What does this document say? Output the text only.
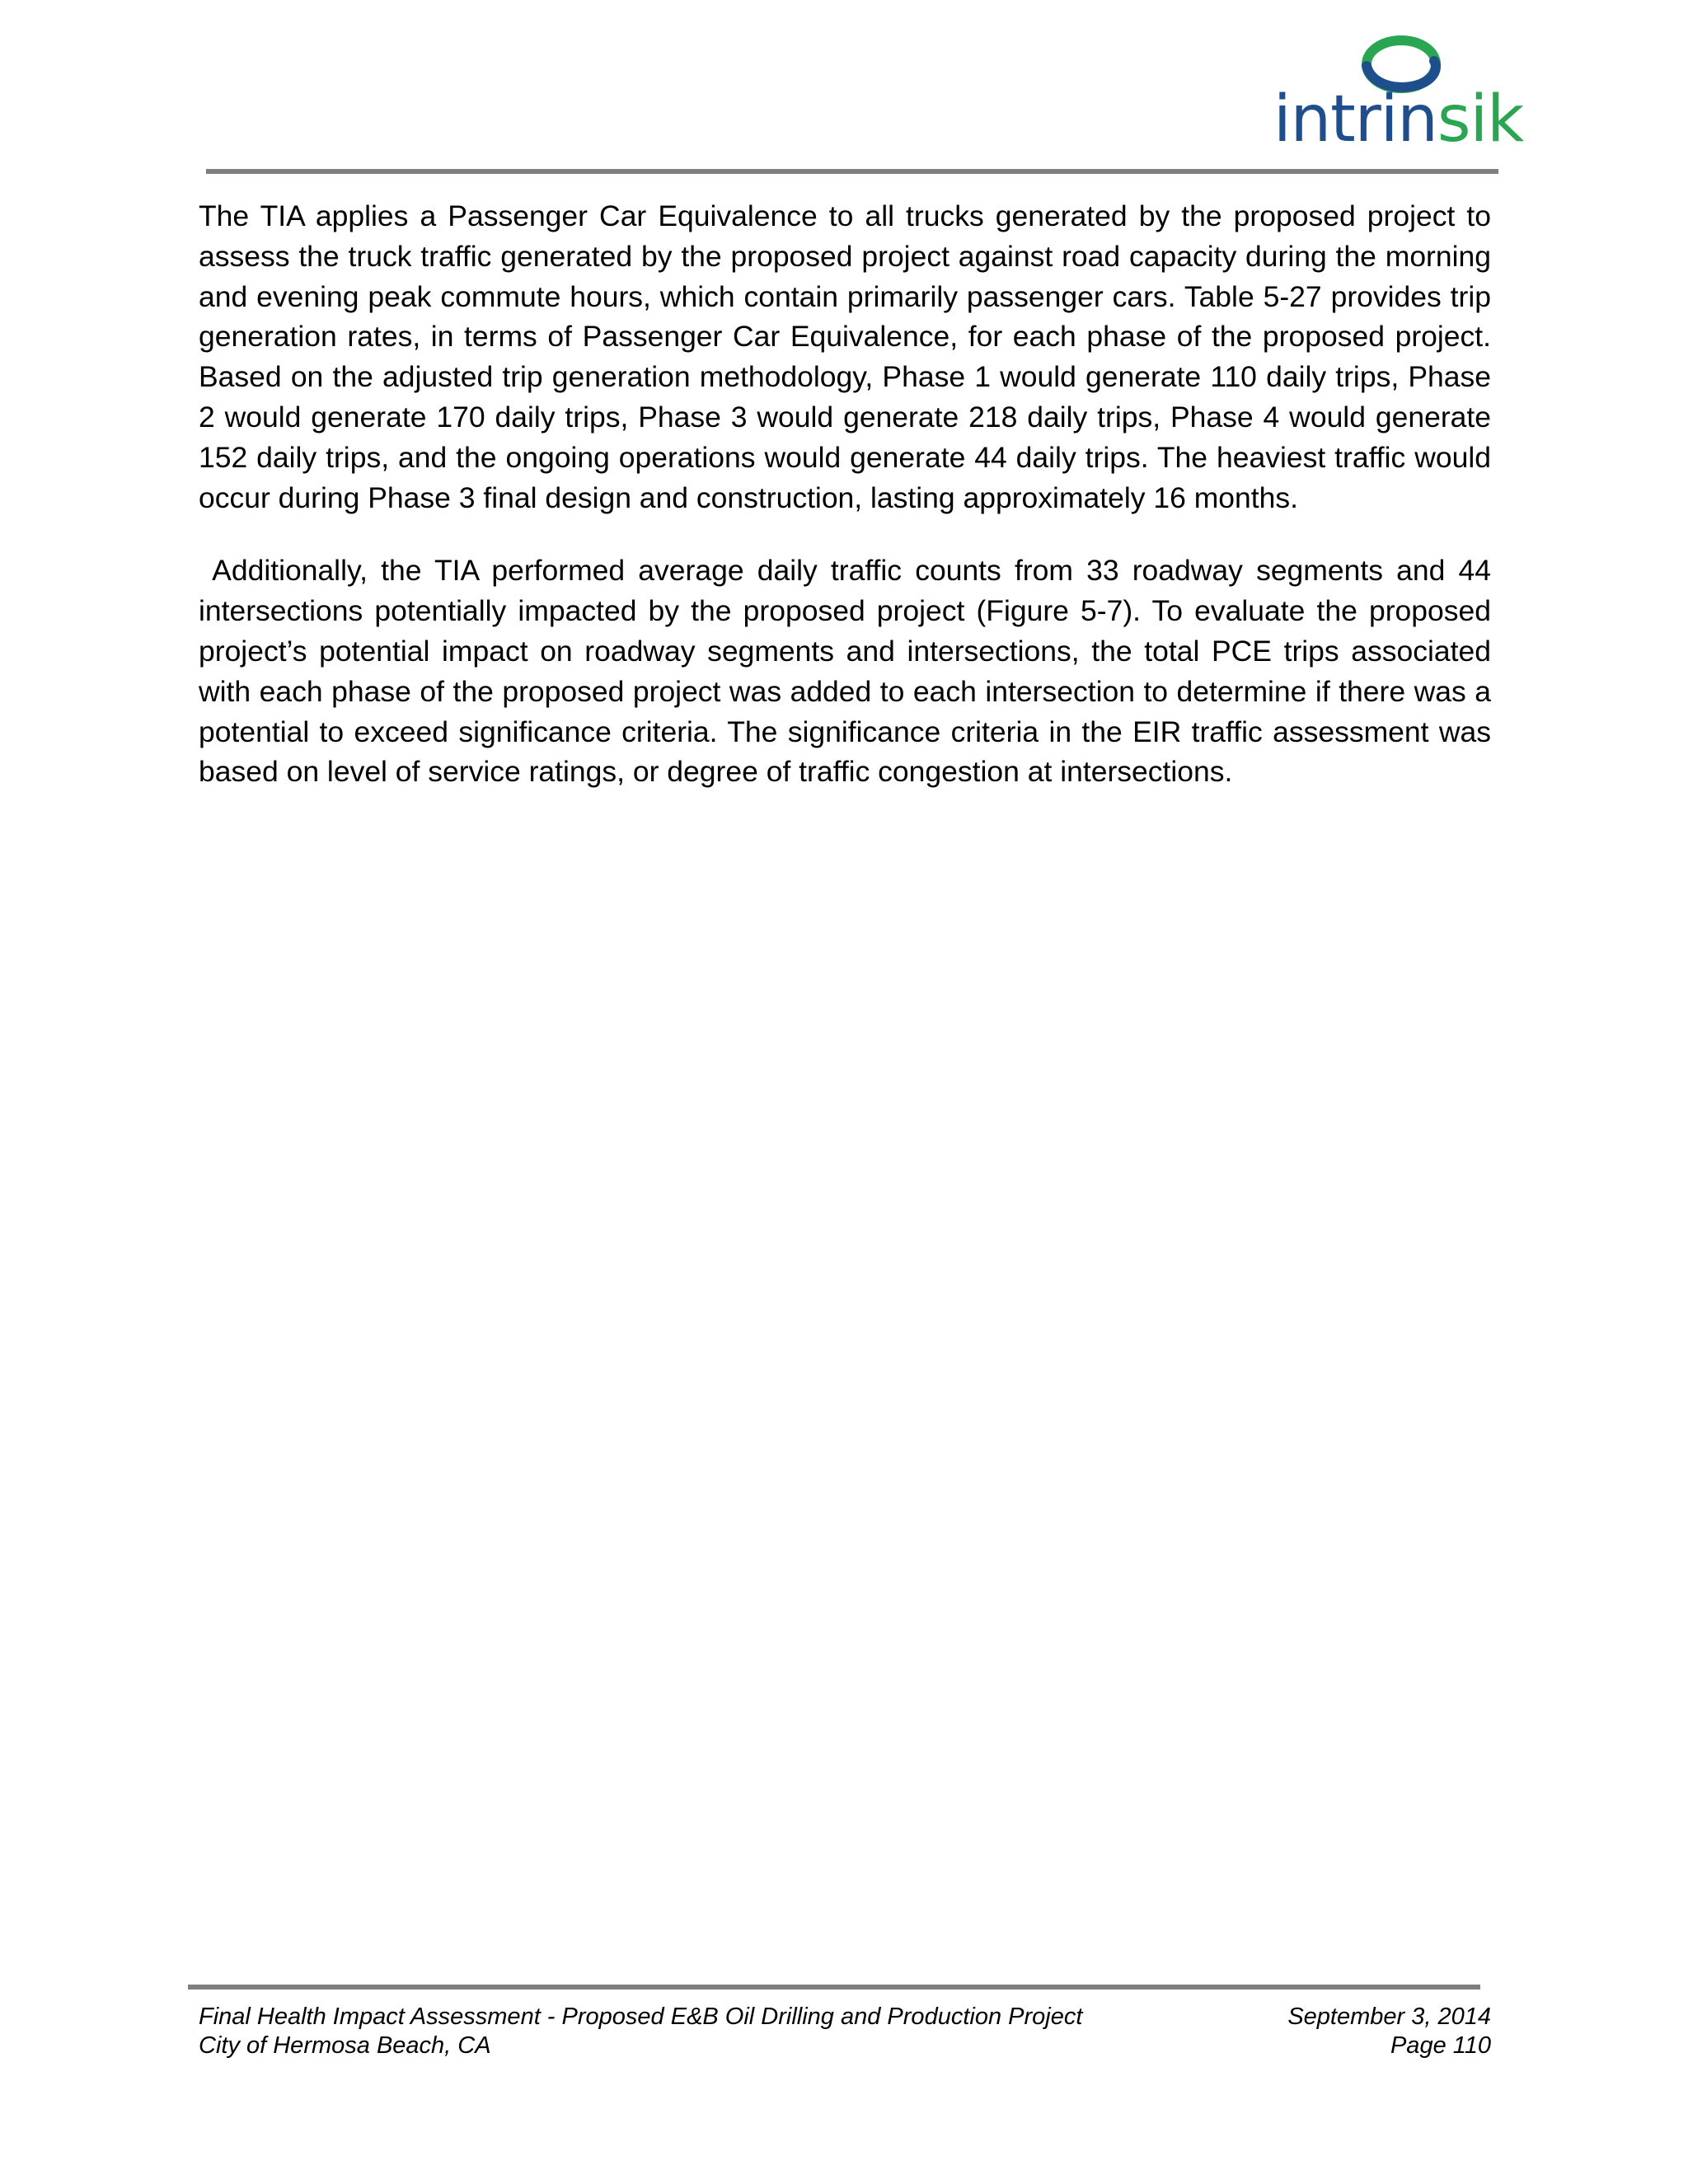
intrinsik

The TIA applies a Passenger Car Equivalence to all trucks generated by the proposed project to assess the truck traffic generated by the proposed project against road capacity during the morning and evening peak commute hours, which contain primarily passenger cars. Table 5-27 provides trip generation rates, in terms of Passenger Car Equivalence, for each phase of the proposed project. Based on the adjusted trip generation methodology, Phase 1 would generate 110 daily trips, Phase 2 would generate 170 daily trips, Phase 3 would generate 218 daily trips, Phase 4 would generate 152 daily trips, and the ongoing operations would generate 44 daily trips. The heaviest traffic would occur during Phase 3 final design and construction, lasting approximately 16 months.

Additionally, the TIA performed average daily traffic counts from 33 roadway segments and 44 intersections potentially impacted by the proposed project (Figure 5-7). To evaluate the proposed project’s potential impact on roadway segments and intersections, the total PCE trips associated with each phase of the proposed project was added to each intersection to determine if there was a potential to exceed significance criteria. The significance criteria in the EIR traffic assessment was based on level of service ratings, or degree of traffic congestion at intersections.

Final Health Impact Assessment - Proposed E&B Oil Drilling and Production Project	September 3, 2014
City of Hermosa Beach, CA	Page 110
